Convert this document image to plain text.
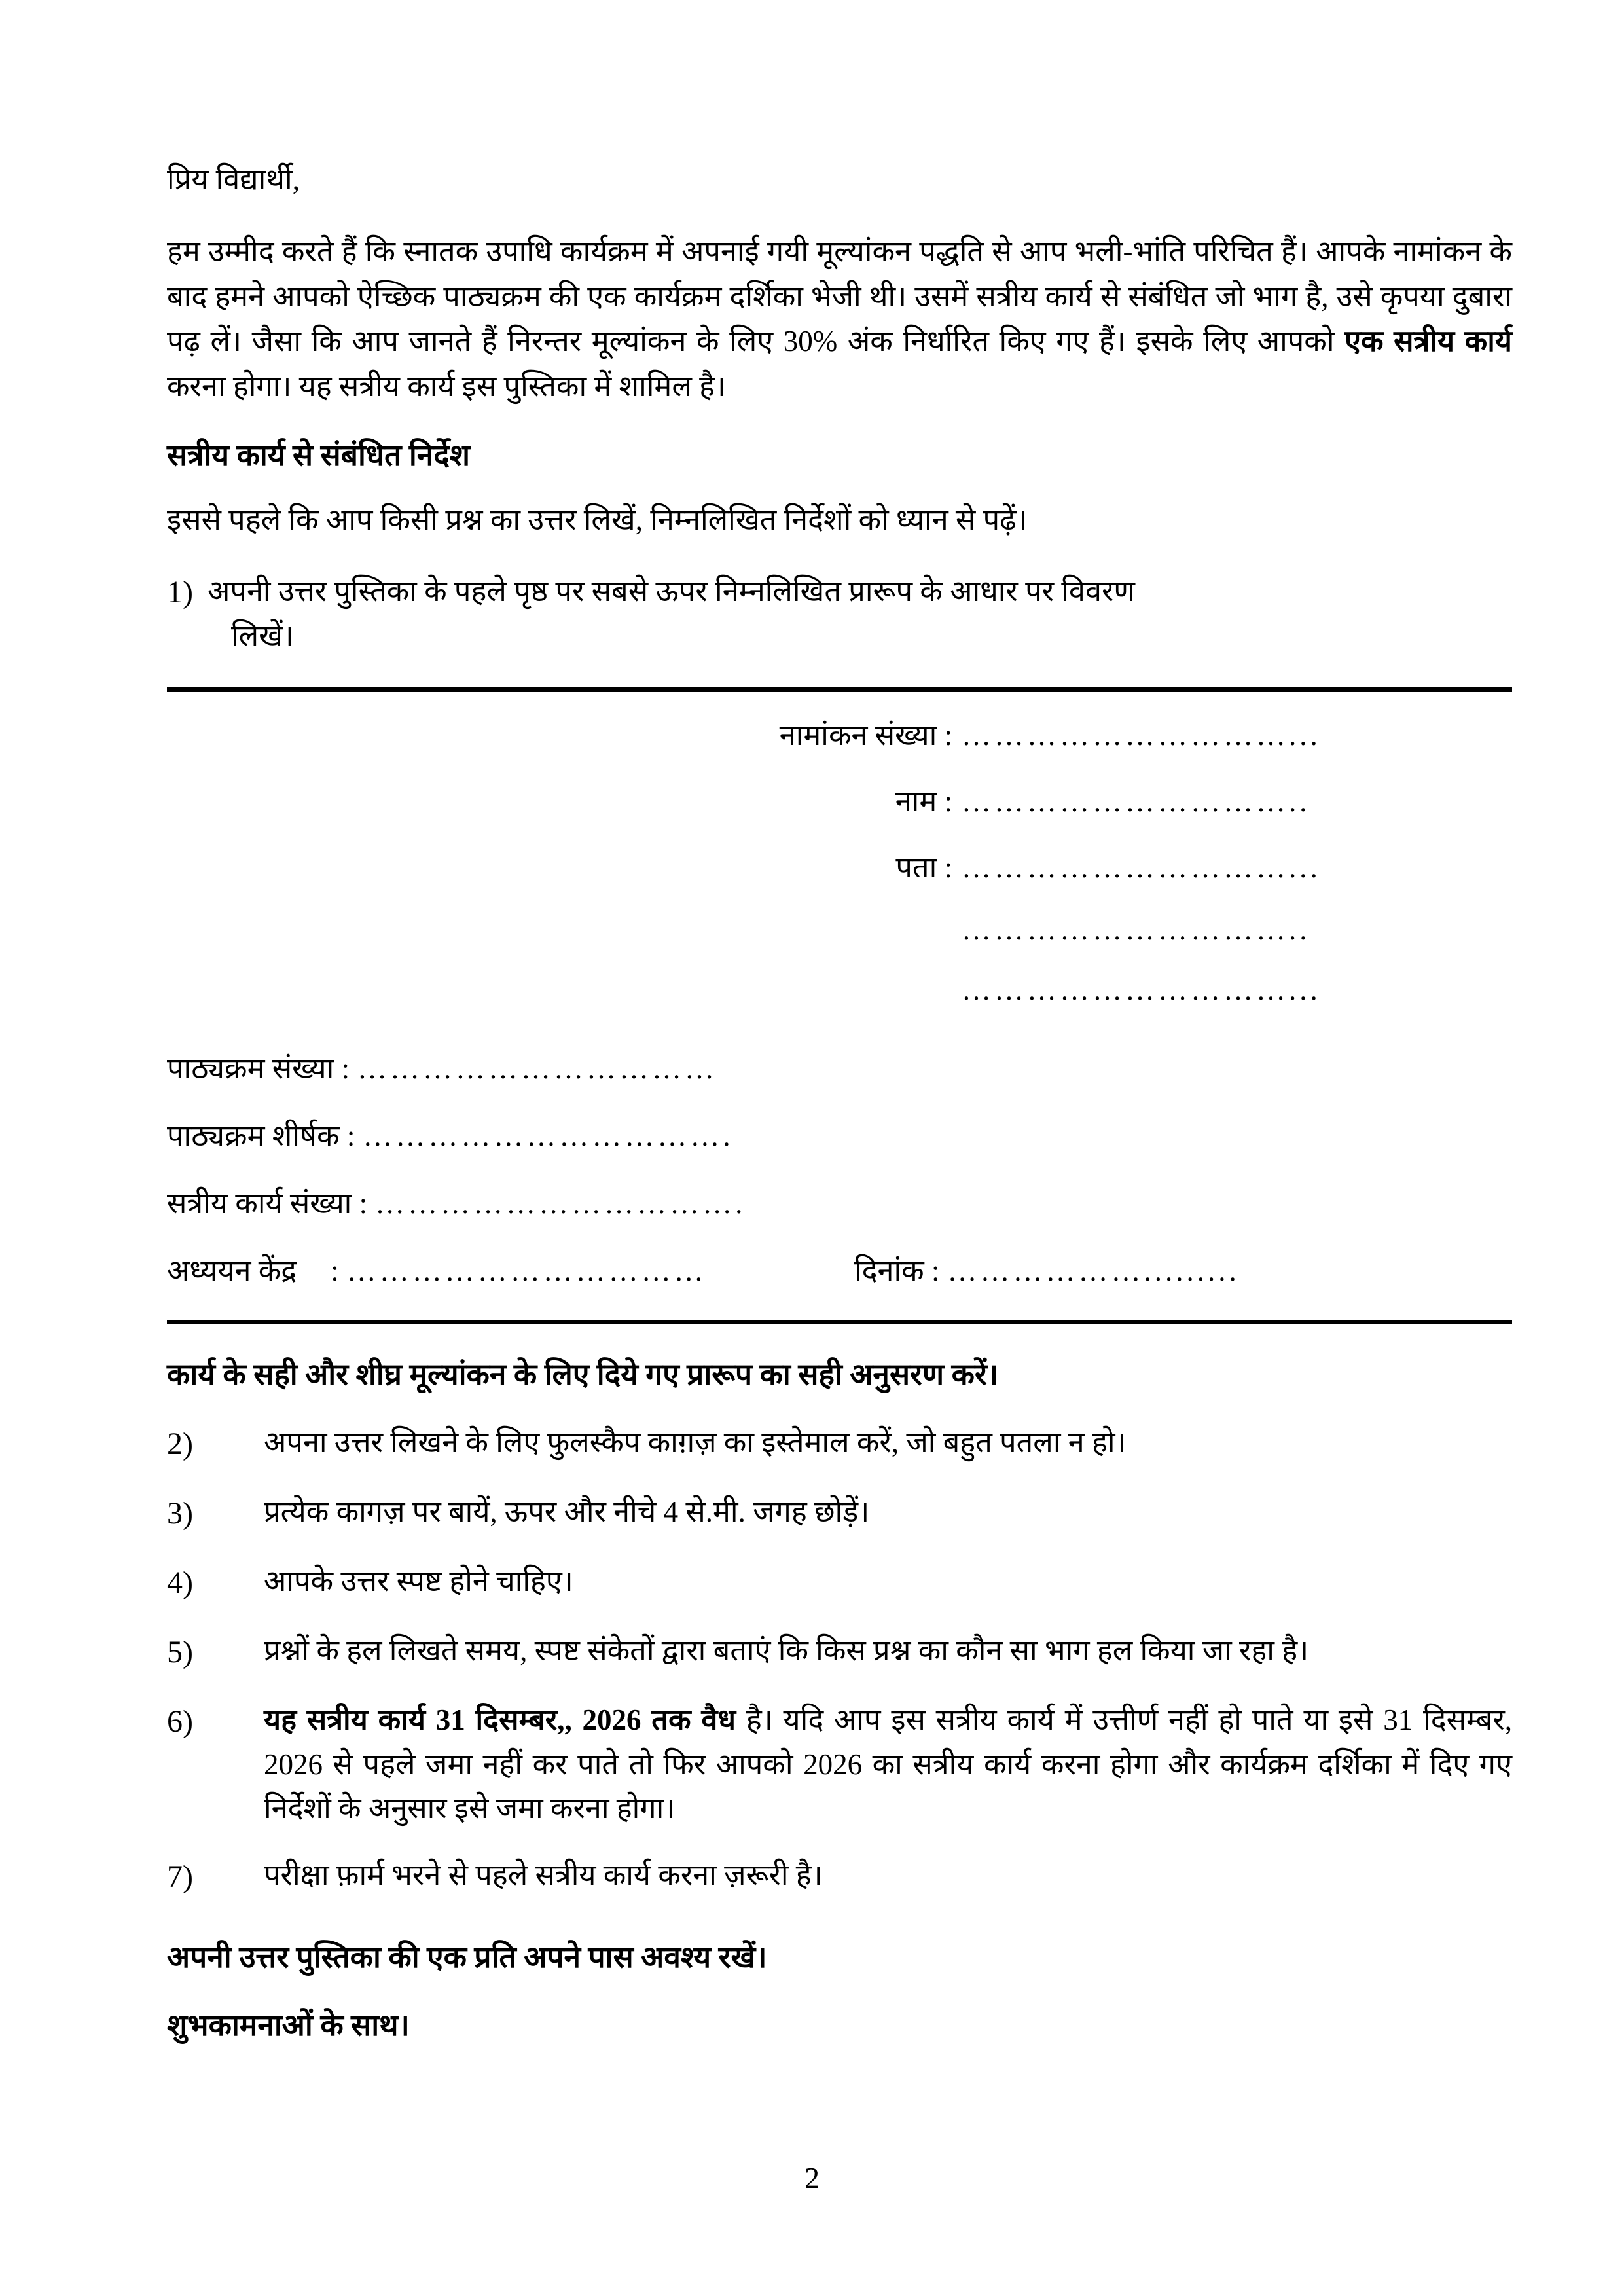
प्रिय विद्यार्थी,

हम उम्मीद करते हैं कि स्नातक उपाधि कार्यक्रम में अपनाई गयी मूल्यांकन पद्धति से आप भली-भांति परिचित हैं। आपके नामांकन के बाद हमने आपको ऐच्छिक पाठ्यक्रम की एक कार्यक्रम दर्शिका भेजी थी। उसमें सत्रीय कार्य से संबंधित जो भाग है, उसे कृपया दुबारा पढ़ लें। जैसा कि आप जानते हैं निरन्तर मूल्यांकन के लिए 30% अंक निर्धारित किए गए हैं। इसके लिए आपको एक सत्रीय कार्य करना होगा। यह सत्रीय कार्य इस पुस्तिका में शामिल है।

सत्रीय कार्य से संबंधित निर्देश

इससे पहले कि आप किसी प्रश्न का उत्तर लिखें, निम्नलिखित निर्देशों को ध्यान से पढ़ें।

1) अपनी उत्तर पुस्तिका के पहले पृष्ठ पर सबसे ऊपर निम्नलिखित प्रारूप के आधार पर विवरण
लिखें।
नामांकन संख्या : …………………………...
नाम : …………………………..
पता : …………………………...
…………………………..
…………………………...
पाठ्यक्रम संख्या : ……………………………
पाठ्यक्रम शीर्षक : …………………………….
सत्रीय कार्य संख्या : …………………………….
अध्ययन केंद्र	: ……………………………	दिनांक : ……………….........

कार्य के सही और शीघ्र मूल्यांकन के लिए दिये गए प्रारूप का सही अनुसरण करें।

2)	अपना उत्तर लिखने के लिए फुलस्कैप काग़ज़ का इस्तेमाल करें, जो बहुत पतला न हो।
3)	प्रत्येक कागज़ पर बायें, ऊपर और नीचे 4 से.मी. जगह छोड़ें।
4)	आपके उत्तर स्पष्ट होने चाहिए।
5)	प्रश्नों के हल लिखते समय, स्पष्ट संकेतों द्वारा बताएं कि किस प्रश्न का कौन सा भाग हल किया जा रहा है।
6)	यह सत्रीय कार्य 31 दिसम्बर,, 2026 तक वैध है। यदि आप इस सत्रीय कार्य में उत्तीर्ण नहीं हो पाते या इसे 31 दिसम्बर, 2026 से पहले जमा नहीं कर पाते तो फिर आपको 2026 का सत्रीय कार्य करना होगा और कार्यक्रम दर्शिका में दिए गए निर्देशों के अनुसार इसे जमा करना होगा।
7)	परीक्षा फ़ार्म भरने से पहले सत्रीय कार्य करना ज़रूरी है।

अपनी उत्तर पुस्तिका की एक प्रति अपने पास अवश्य रखें।

शुभकामनाओं के साथ।

2
